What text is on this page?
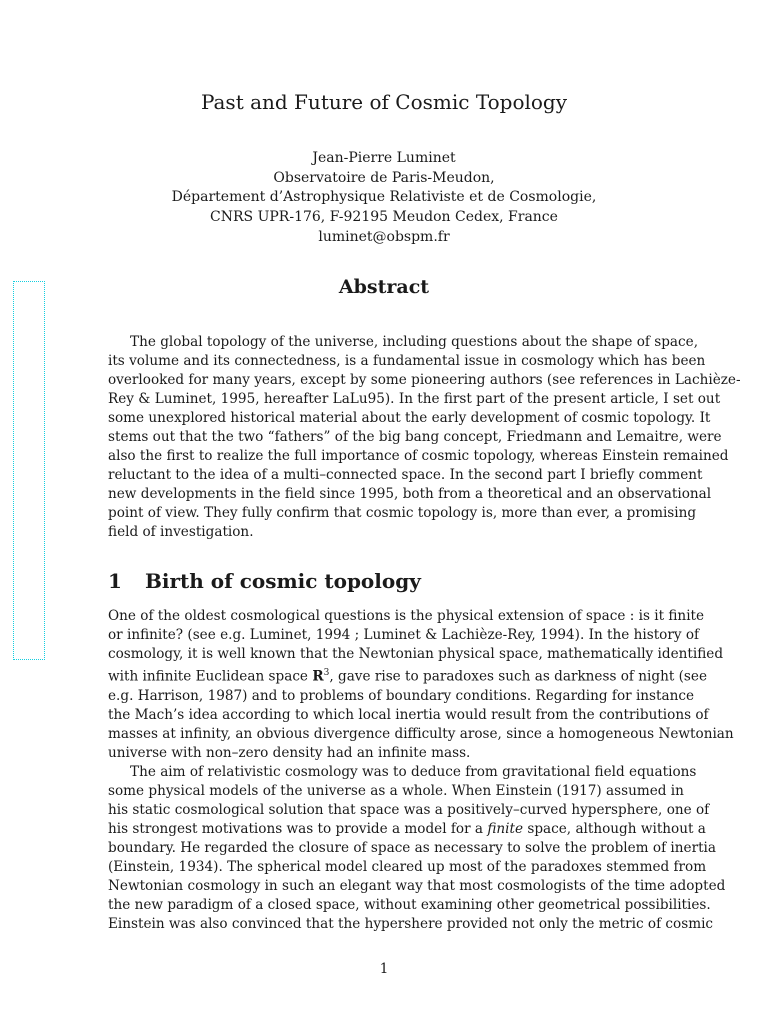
Past and Future of Cosmic Topology
Jean-Pierre Luminet
Observatoire de Paris-Meudon,
Département d’Astrophysique Relativiste et de Cosmologie,
CNRS UPR-176, F-92195 Meudon Cedex, France
luminet@obspm.fr
Abstract
The global topology of the universe, including questions about the shape of space,
its volume and its connectedness, is a fundamental issue in cosmology which has been
overlooked for many years, except by some pioneering authors (see references in Lachièze-
Rey & Luminet, 1995, hereafter LaLu95). In the first part of the present article, I set out
some unexplored historical material about the early development of cosmic topology. It
stems out that the two “fathers” of the big bang concept, Friedmann and Lemaitre, were
also the first to realize the full importance of cosmic topology, whereas Einstein remained
reluctant to the idea of a multi–connected space. In the second part I briefly comment
new developments in the field since 1995, both from a theoretical and an observational
point of view. They fully confirm that cosmic topology is, more than ever, a promising
field of investigation.
1 Birth of cosmic topology
One of the oldest cosmological questions is the physical extension of space : is it finite
or infinite? (see e.g. Luminet, 1994 ; Luminet & Lachièze-Rey, 1994). In the history of
cosmology, it is well known that the Newtonian physical space, mathematically identified
with infinite Euclidean space $R^3$, gave rise to paradoxes such as darkness of night (see
e.g. Harrison, 1987) and to problems of boundary conditions. Regarding for instance
the Mach’s idea according to which local inertia would result from the contributions of
masses at infinity, an obvious divergence difficulty arose, since a homogeneous Newtonian
universe with non–zero density had an infinite mass.
The aim of relativistic cosmology was to deduce from gravitational field equations
some physical models of the universe as a whole. When Einstein (1917) assumed in
his static cosmological solution that space was a positively–curved hypersphere, one of
his strongest motivations was to provide a model for a finite space, although without a
boundary. He regarded the closure of space as necessary to solve the problem of inertia
(Einstein, 1934). The spherical model cleared up most of the paradoxes stemmed from
Newtonian cosmology in such an elegant way that most cosmologists of the time adopted
the new paradigm of a closed space, without examining other geometrical possibilities.
Einstein was also convinced that the hypershere provided not only the metric of cosmic
1
